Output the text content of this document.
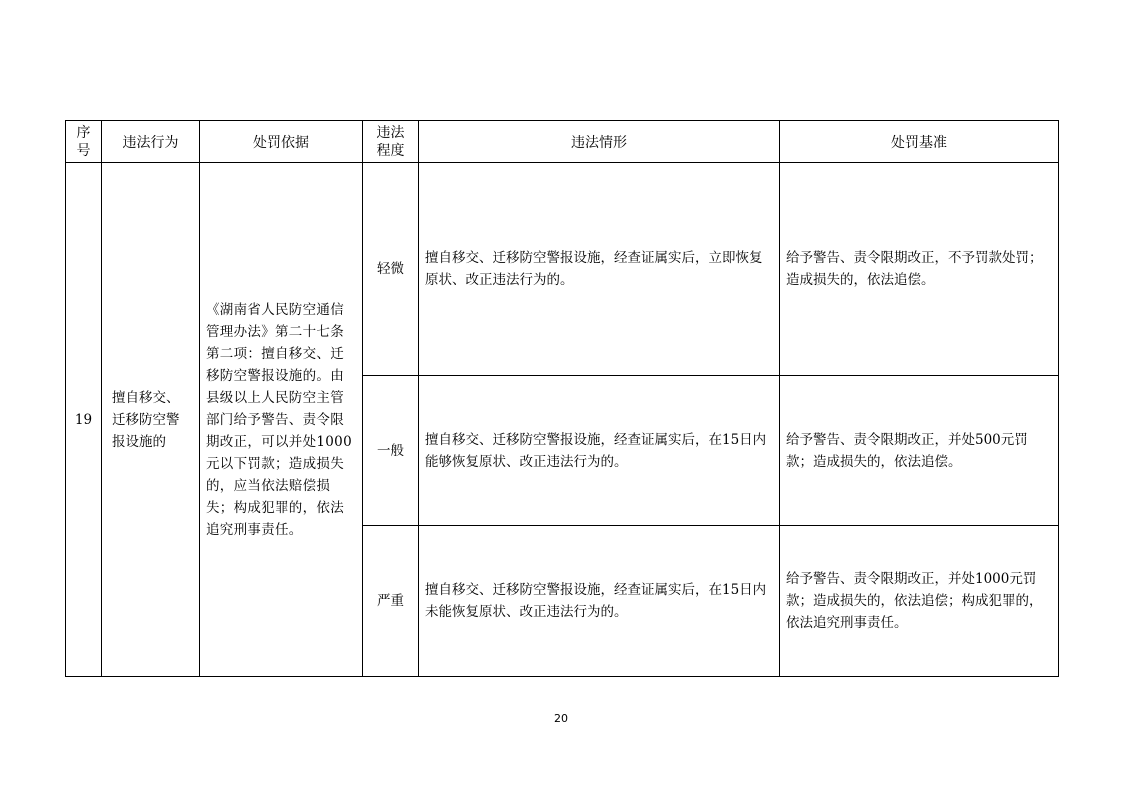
序号	违法行为	处罚依据	违法程度	违法情形	处罚基准
19	擅自移交、迁移防空警报设施的	《湖南省人民防空通信管理办法》第二十七条第二项：擅自移交、迁移防空警报设施的。由县级以上人民防空主管部门给予警告、责令限期改正，可以并处1000元以下罚款；造成损失的，应当依法赔偿损失；构成犯罪的，依法追究刑事责任。	轻微	擅自移交、迁移防空警报设施，经查证属实后，立即恢复原状、改正违法行为的。	给予警告、责令限期改正，不予罚款处罚；造成损失的，依法追偿。
			一般	擅自移交、迁移防空警报设施，经查证属实后，在15日内能够恢复原状、改正违法行为的。	给予警告、责令限期改正，并处500元罚款；造成损失的，依法追偿。
			严重	擅自移交、迁移防空警报设施，经查证属实后，在15日内未能恢复原状、改正违法行为的。	给予警告、责令限期改正，并处1000元罚款；造成损失的，依法追偿；构成犯罪的，依法追究刑事责任。
20
